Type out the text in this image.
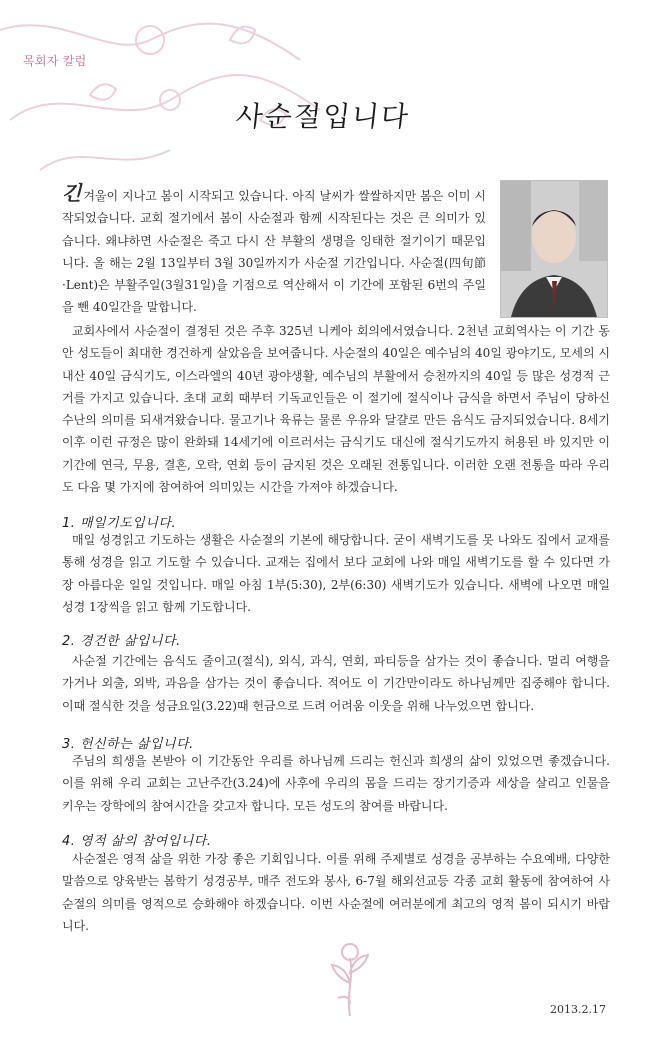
목회자 칼럼
사순절입니다
긴겨울이 지나고 봄이 시작되고 있습니다. 아직 날씨가 쌀쌀하지만 봄은 이미 시작되었습니다. 교회 절기에서 봄이 사순절과 함께 시작된다는 것은 큰 의미가 있습니다. 왜냐하면 사순절은 죽고 다시 산 부활의 생명을 잉태한 절기이기 때문입니다. 올 해는 2월 13일부터 3월 30일까지가 사순절 기간입니다. 사순절(四旬節·Lent)은 부활주일(3월31일)을 기점으로 역산해서 이 기간에 포함된 6번의 주일을 뺀 40일간을 말합니다.
교회사에서 사순절이 결정된 것은 주후 325년 니케아 회의에서였습니다. 2천년 교회역사는 이 기간 동안 성도들이 최대한 경건하게 살았음을 보여줍니다. 사순절의 40일은 예수님의 40일 광야기도, 모세의 시내산 40일 금식기도, 이스라엘의 40년 광야생활, 예수님의 부활에서 승천까지의 40일 등 많은 성경적 근거를 가지고 있습니다. 초대 교회 때부터 기독교인들은 이 절기에 절식이나 금식을 하면서 주님이 당하신 수난의 의미를 되새겨왔습니다. 물고기나 육류는 물론 우유와 달걀로 만든 음식도 금지되었습니다. 8세기 이후 이런 규정은 많이 완화돼 14세기에 이르러서는 금식기도 대신에 절식기도까지 허용된 바 있지만 이 기간에 연극, 무용, 결혼, 오락, 연회 등이 금지된 것은 오래된 전통입니다. 이러한 오랜 전통을 따라 우리도 다음 몇 가지에 참여하여 의미있는 시간을 가져야 하겠습니다.
1. 매일기도입니다.
매일 성경읽고 기도하는 생활은 사순절의 기본에 해당합니다. 굳이 새벽기도를 못 나와도 집에서 교재를 통해 성경을 읽고 기도할 수 있습니다. 교재는 집에서 보다 교회에 나와 매일 새벽기도를 할 수 있다면 가장 아름다운 일일 것입니다. 매일 아침 1부(5:30), 2부(6:30) 새벽기도가 있습니다. 새벽에 나오면 매일 성경 1장씩을 읽고 함께 기도합니다.
2. 경건한 삶입니다.
사순절 기간에는 음식도 줄이고(절식), 외식, 과식, 연회, 파티등을 삼가는 것이 좋습니다. 멀리 여행을 가거나 외출, 외박, 과음을 삼가는 것이 좋습니다. 적어도 이 기간만이라도 하나님께만 집중해야 합니다. 이때 절식한 것을 성금요일(3.22)때 헌금으로 드려 어려움 이웃을 위해 나누었으면 합니다.
3. 헌신하는 삶입니다.
주님의 희생을 본받아 이 기간동안 우리를 하나님께 드리는 헌신과 희생의 삶이 있었으면 좋겠습니다. 이를 위해 우리 교회는 고난주간(3.24)에 사후에 우리의 몸을 드리는 장기기증과 세상을 살리고 인물을 키우는 장학에의 참여시간을 갖고자 합니다. 모든 성도의 참여를 바랍니다.
4. 영적 삶의 참여입니다.
사순절은 영적 삶을 위한 가장 좋은 기회입니다. 이를 위해 주제별로 성경을 공부하는 수요예배, 다양한 말씀으로 양육받는 봄학기 성경공부, 매주 전도와 봉사, 6-7월 해외선교등 각종 교회 활동에 참여하여 사순절의 의미를 영적으로 승화해야 하겠습니다. 이번 사순절에 여러분에게 최고의 영적 봄이 되시기 바랍니다.
2013.2.17
